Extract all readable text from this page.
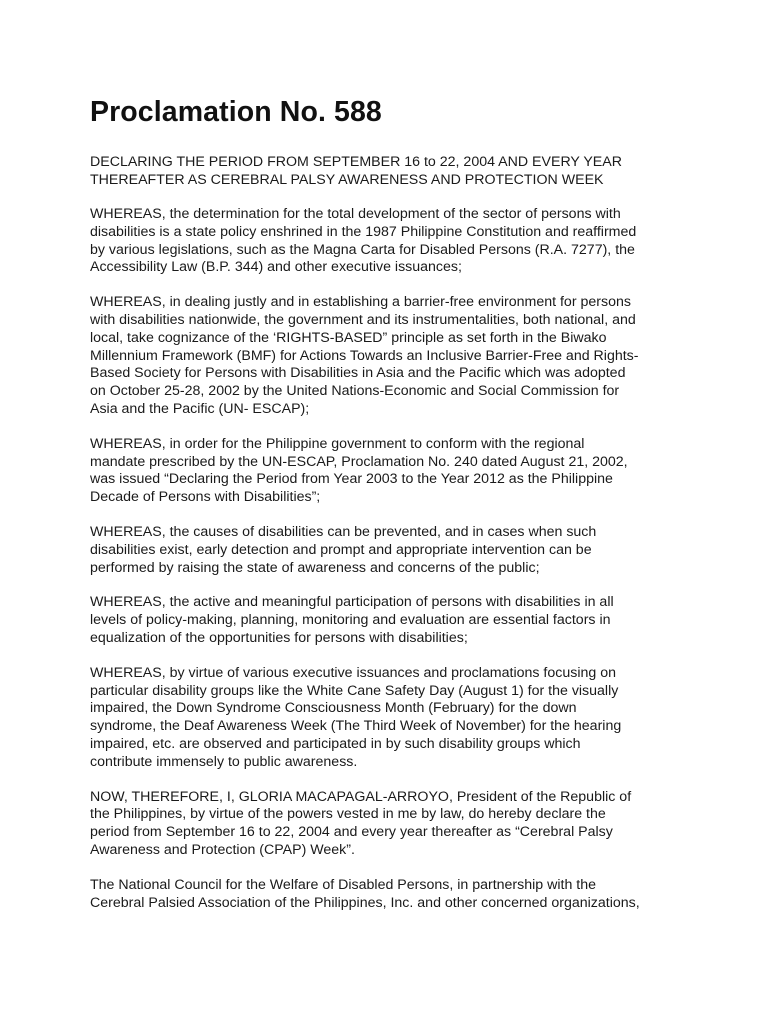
Proclamation No. 588

DECLARING THE PERIOD FROM SEPTEMBER 16 to 22, 2004 AND EVERY YEAR
THEREAFTER AS CEREBRAL PALSY AWARENESS AND PROTECTION WEEK

WHEREAS, the determination for the total development of the sector of persons with
disabilities is a state policy enshrined in the 1987 Philippine Constitution and reaffirmed
by various legislations, such as the Magna Carta for Disabled Persons (R.A. 7277), the
Accessibility Law (B.P. 344) and other executive issuances;

WHEREAS, in dealing justly and in establishing a barrier-free environment for persons
with disabilities nationwide, the government and its instrumentalities, both national, and
local, take cognizance of the ‘RIGHTS-BASED” principle as set forth in the Biwako
Millennium Framework (BMF) for Actions Towards an Inclusive Barrier-Free and Rights-
Based Society for Persons with Disabilities in Asia and the Pacific which was adopted
on October 25-28, 2002 by the United Nations-Economic and Social Commission for
Asia and the Pacific (UN- ESCAP);

WHEREAS, in order for the Philippine government to conform with the regional
mandate prescribed by the UN-ESCAP, Proclamation No. 240 dated August 21, 2002,
was issued “Declaring the Period from Year 2003 to the Year 2012 as the Philippine
Decade of Persons with Disabilities”;

WHEREAS, the causes of disabilities can be prevented, and in cases when such
disabilities exist, early detection and prompt and appropriate intervention can be
performed by raising the state of awareness and concerns of the public;

WHEREAS, the active and meaningful participation of persons with disabilities in all
levels of policy-making, planning, monitoring and evaluation are essential factors in
equalization of the opportunities for persons with disabilities;

WHEREAS, by virtue of various executive issuances and proclamations focusing on
particular disability groups like the White Cane Safety Day (August 1) for the visually
impaired, the Down Syndrome Consciousness Month (February) for the down
syndrome, the Deaf Awareness Week (The Third Week of November) for the hearing
impaired, etc. are observed and participated in by such disability groups which
contribute immensely to public awareness.

NOW, THEREFORE, I, GLORIA MACAPAGAL-ARROYO, President of the Republic of
the Philippines, by virtue of the powers vested in me by law, do hereby declare the
period from September 16 to 22, 2004 and every year thereafter as “Cerebral Palsy
Awareness and Protection (CPAP) Week”.

The National Council for the Welfare of Disabled Persons, in partnership with the
Cerebral Palsied Association of the Philippines, Inc. and other concerned organizations,
